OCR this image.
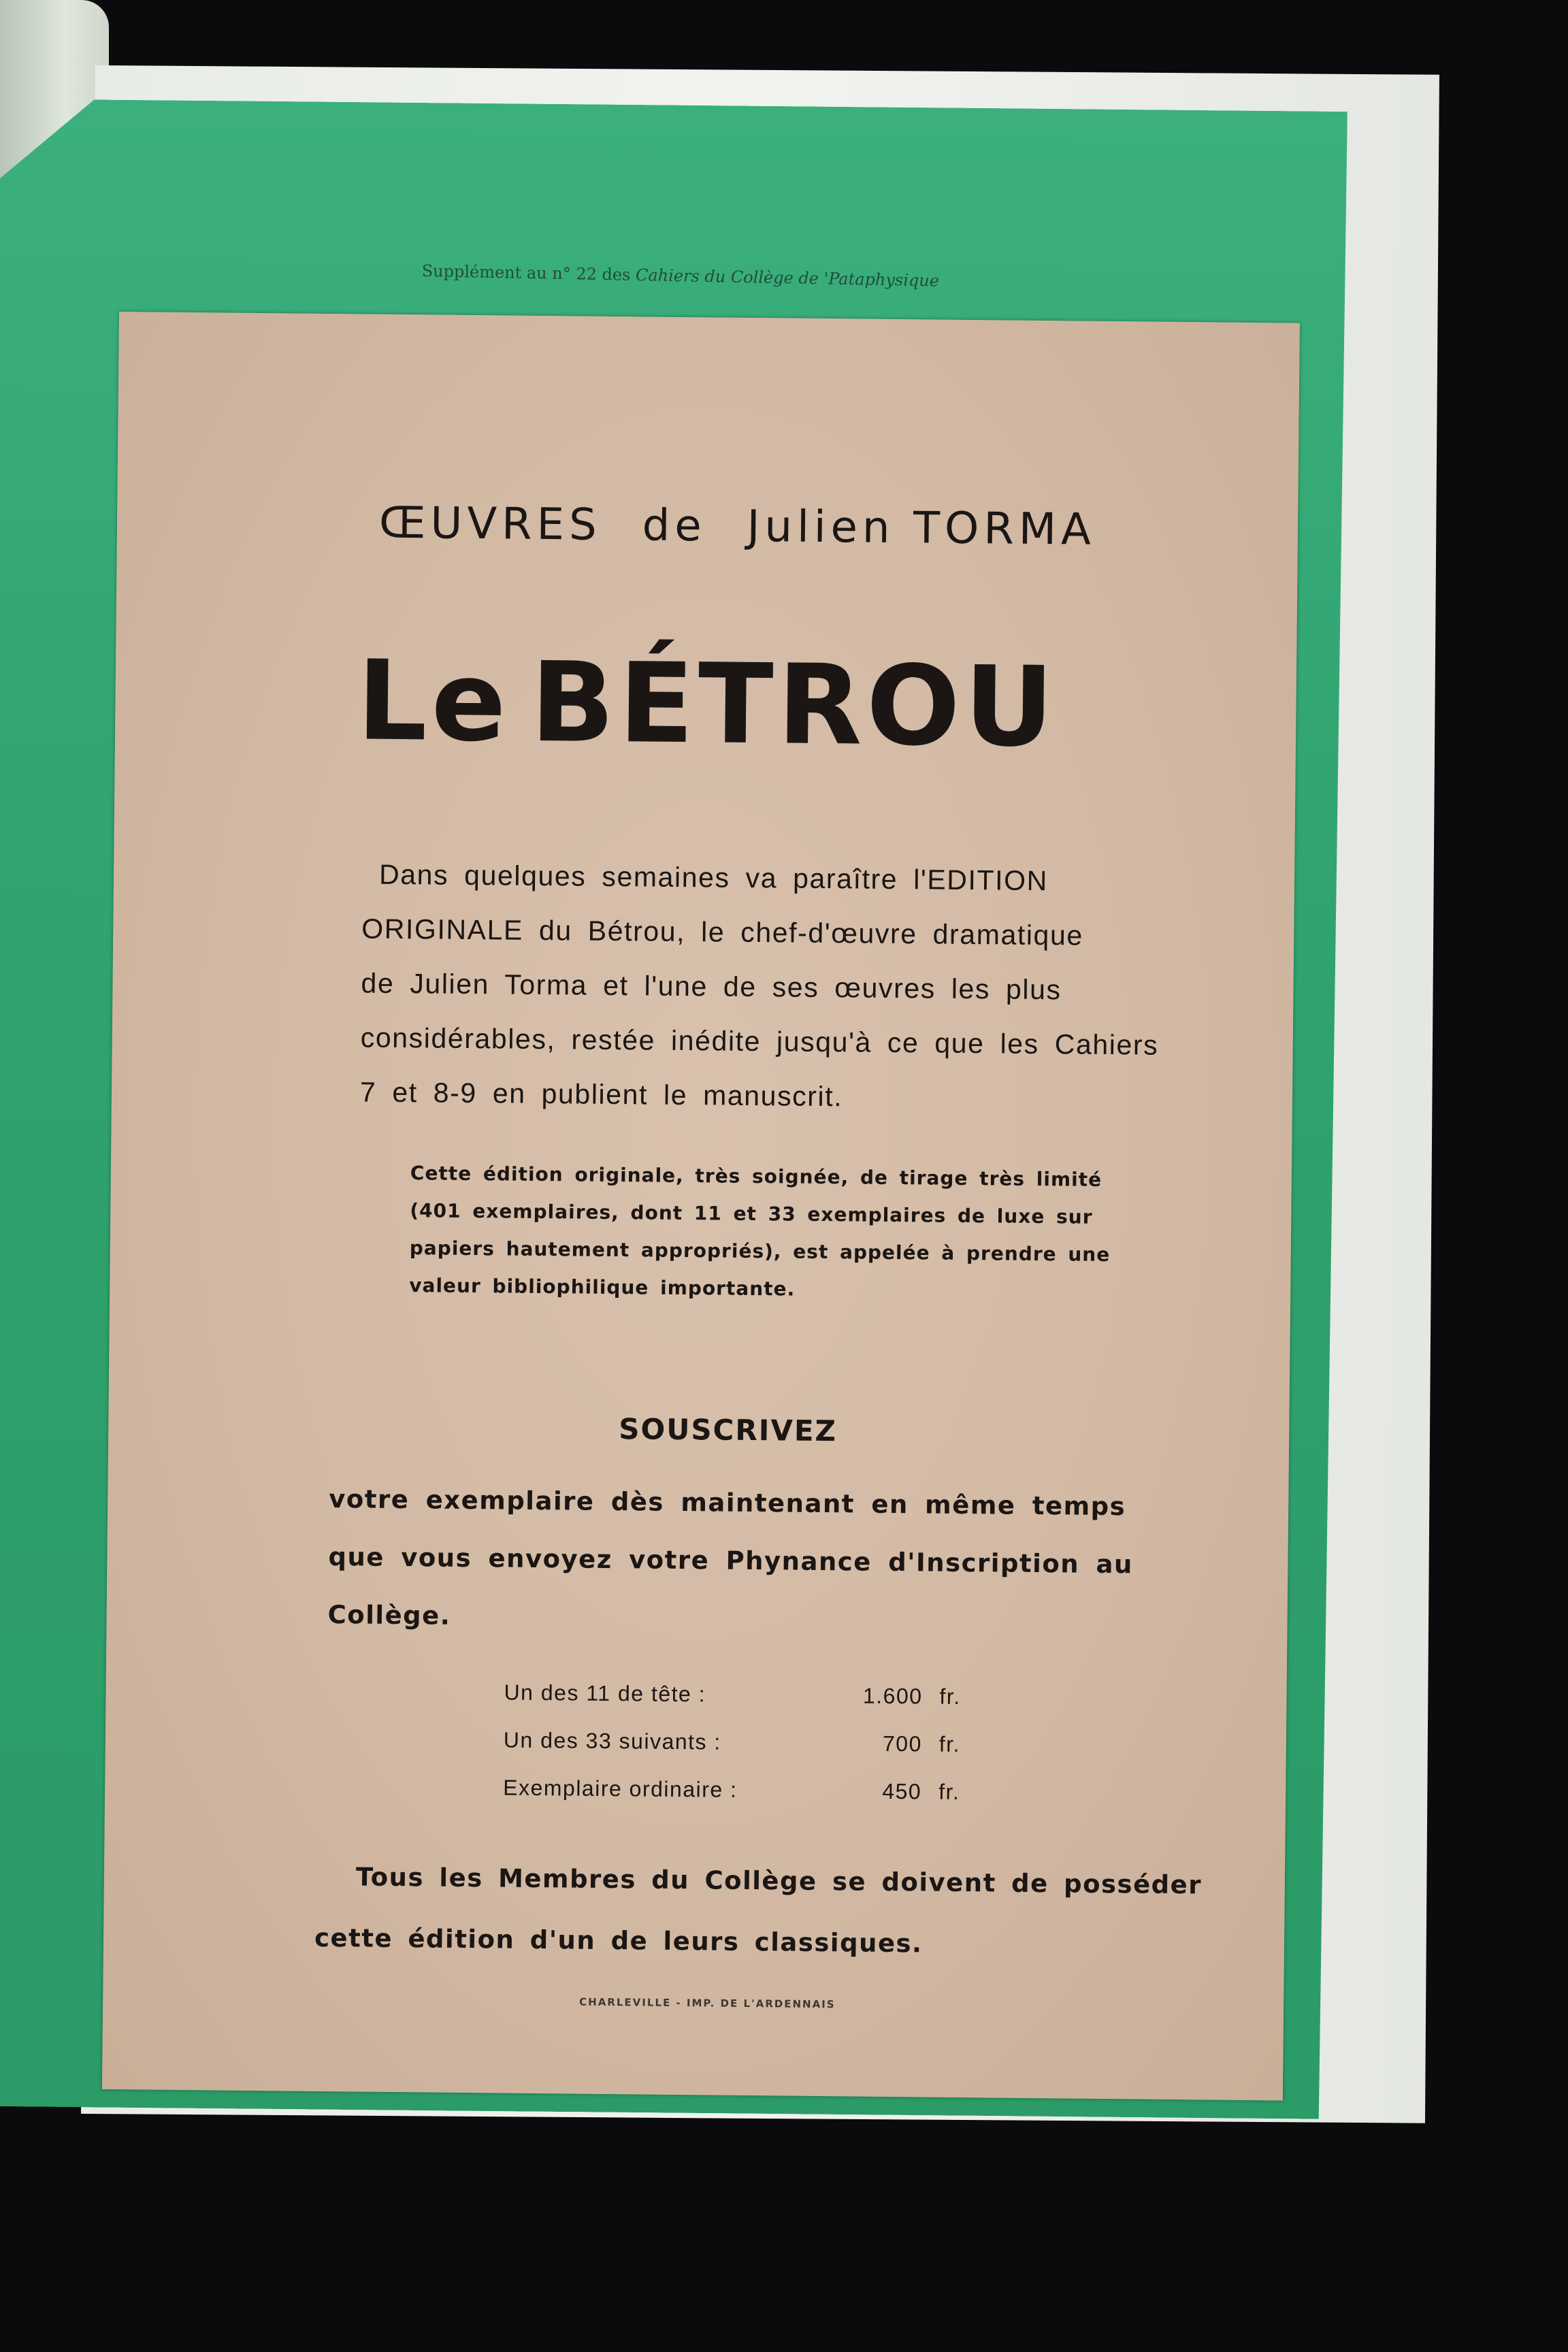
Supplément au n° 22 des Cahiers du Collège de 'Pataphysique
ŒUVRES de Julien TORMA
Le BÉTROU
Dans quelques semaines va paraître l'EDITION
ORIGINALE du Bétrou, le chef-d'œuvre dramatique
de Julien Torma et l'une de ses œuvres les plus
considérables, restée inédite jusqu'à ce que les Cahiers
7 et 8-9 en publient le manuscrit.
Cette édition originale, très soignée, de tirage très limité
(401 exemplaires, dont 11 et 33 exemplaires de luxe sur
papiers hautement appropriés), est appelée à prendre une
valeur bibliophilique importante.
SOUSCRIVEZ
votre exemplaire dès maintenant en même temps
que vous envoyez votre Phynance d'Inscription au
Collège.
Un des 11 de tête :	1.600 fr.
Un des 33 suivants :	700 fr.
Exemplaire ordinaire :	450 fr.
Tous les Membres du Collège se doivent de posséder
cette édition d'un de leurs classiques.
CHARLEVILLE - IMP. DE L'ARDENNAIS
